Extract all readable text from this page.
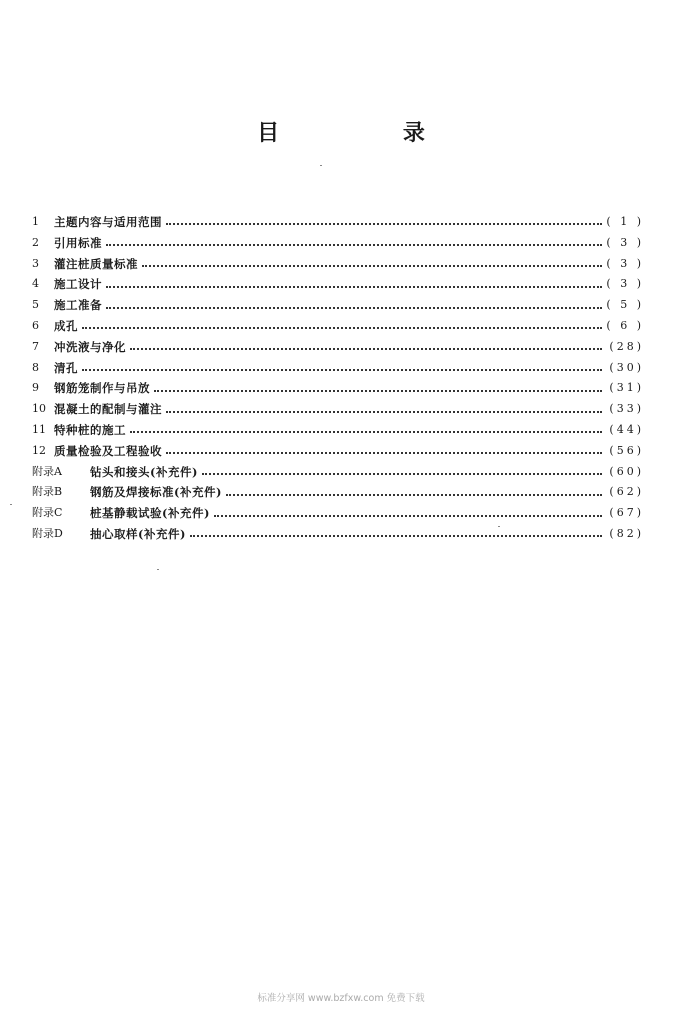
目 录
1	主题内容与适用范围	( 1 )
2	引用标准	( 3 )
3	灌注桩质量标准	( 3 )
4	施工设计	( 3 )
5	施工准备	( 5 )
6	成孔	( 6 )
7	冲洗液与净化	(28)
8	清孔	(30)
9	钢筋笼制作与吊放	(31)
10 混凝土的配制与灌注	(33)
11 特种桩的施工	(44)
12 质量检验及工程验收	(56)
附录A	钻头和接头(补充件)	(60)
附录B	钢筋及焊接标准(补充件)	(62)
附录C	桩基静载试验(补充件)	(67)
附录D	抽心取样(补充件)	(82)
标准分享网 www.bzfxw.com 免费下载
